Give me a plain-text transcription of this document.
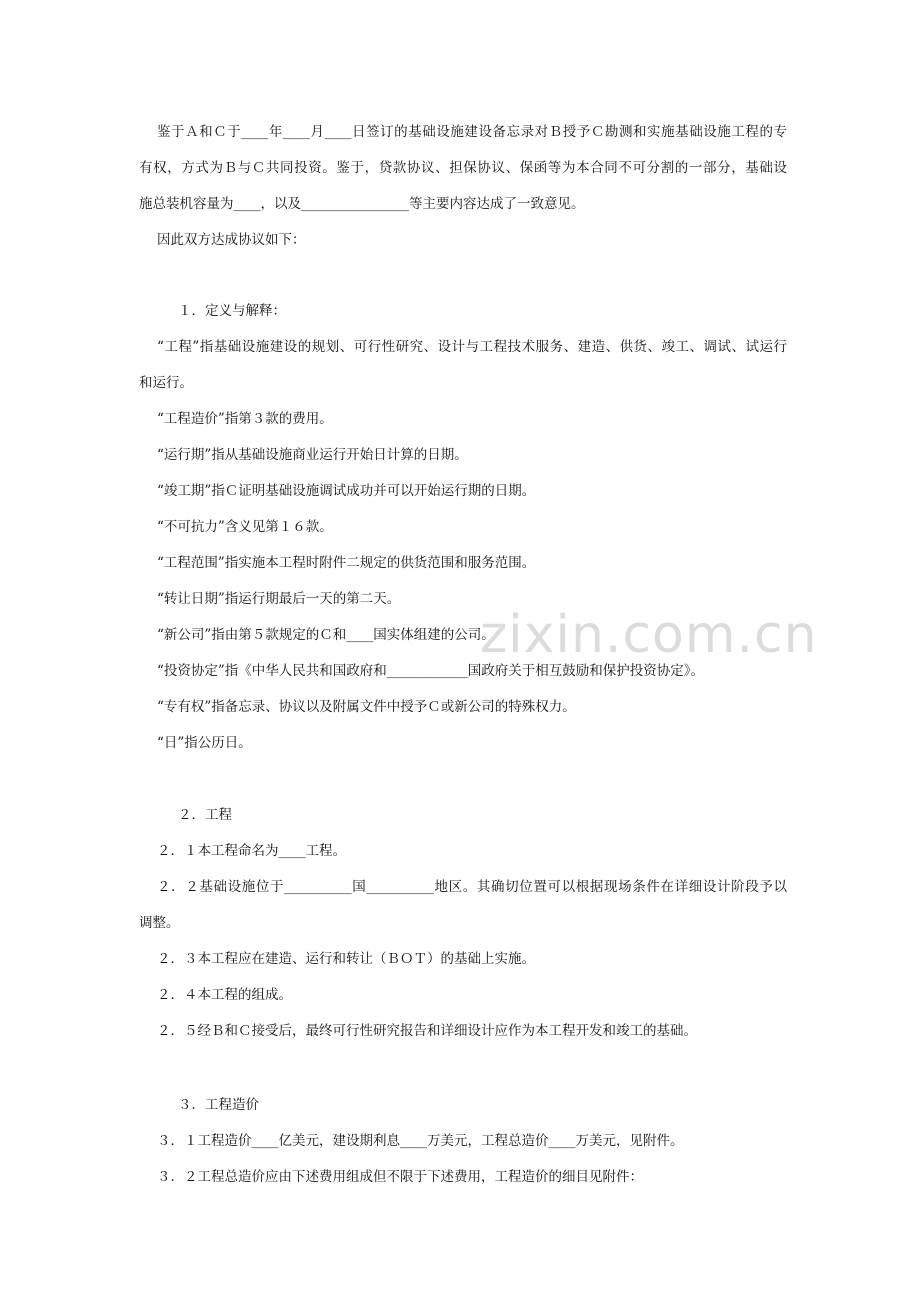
zixin.com.cn
鉴于Ａ和Ｃ于____年____月____日签订的基础设施建设备忘录对Ｂ授予Ｃ勘测和实施基础设施工程的专
有权，方式为Ｂ与Ｃ共同投资。鉴于，贷款协议、担保协议、保函等为本合同不可分割的一部分，基础设
施总装机容量为____，以及________________等主要内容达成了一致意见。
因此双方达成协议如下：
１．定义与解释：
“工程”指基础设施建设的规划、可行性研究、设计与工程技术服务、建造、供货、竣工、调试、试运行
和运行。
“工程造价”指第３款的费用。
“运行期”指从基础设施商业运行开始日计算的日期。
“竣工期”指Ｃ证明基础设施调试成功并可以开始运行期的日期。
“不可抗力”含义见第１６款。
“工程范围”指实施本工程时附件二规定的供货范围和服务范围。
“转让日期”指运行期最后一天的第二天。
“新公司”指由第５款规定的Ｃ和____国实体组建的公司。
“投资协定”指《中华人民共和国政府和____________国政府关于相互鼓励和保护投资协定》。
“专有权”指备忘录、协议以及附属文件中授予Ｃ或新公司的特殊权力。
“日”指公历日。
２．工程
２．１本工程命名为____工程。
２．２基础设施位于__________国__________地区。其确切位置可以根据现场条件在详细设计阶段予以
调整。
２．３本工程应在建造、运行和转让（ＢＯＴ）的基础上实施。
２．４本工程的组成。
２．５经Ｂ和Ｃ接受后，最终可行性研究报告和详细设计应作为本工程开发和竣工的基础。
３．工程造价
３．１工程造价____亿美元，建设期利息____万美元，工程总造价____万美元，见附件。
３．２工程总造价应由下述费用组成但不限于下述费用，工程造价的细目见附件：
